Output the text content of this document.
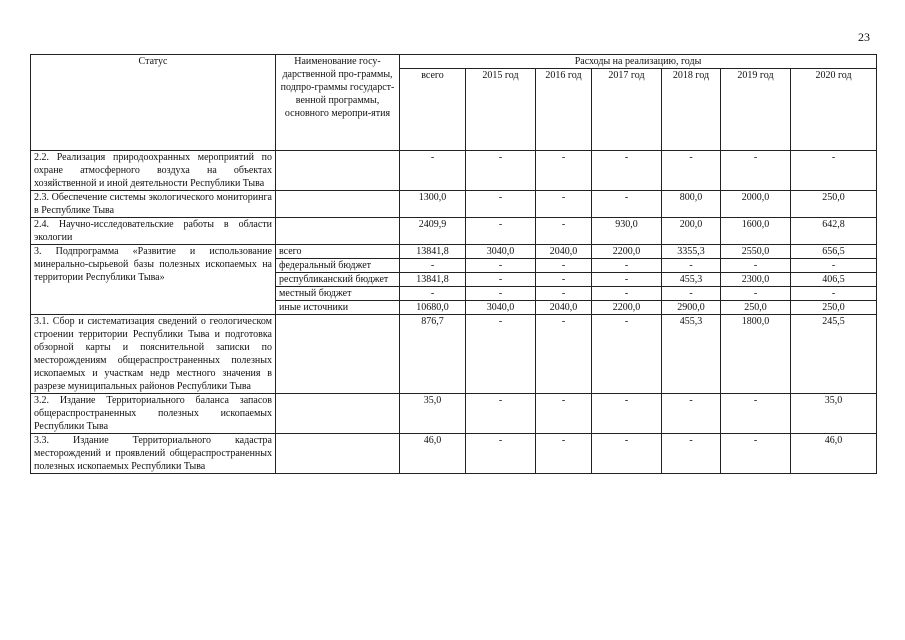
23
Статус	Наименование госу-дарственной про-граммы, подпро-граммы государст-венной программы, основного меропри-ятия	Расходы на реализацию, годы						
		всего	2015 год	2016 год	2017 год	2018 год	2019 год	2020 год
2.2. Реализация природоохранных мероприятий по охране атмосферного воздуха на объектах хозяйственной и иной деятельности Республики Тыва		-	-	-	-	-	-	-
2.3. Обеспечение системы экологического мониторинга в Республике Тыва		1300,0	-	-	-	800,0	2000,0	250,0
2.4. Научно-исследовательские работы в области экологии		2409,9	-	-	930,0	200,0	1600,0	642,8
3. Подпрограмма «Развитие и использование минерально-сырьевой базы полезных ископаемых на территории Республики Тыва»	всего	13841,8	3040,0	2040,0	2200,0	3355,3	2550,0	656,5
	федеральный бюджет	-	-	-	-	-	-	-
	республиканский бюджет	13841,8	-	-	-	455,3	2300,0	406,5
	местный бюджет	-	-	-	-	-	-	-
	иные источники	10680,0	3040,0	2040,0	2200,0	2900,0	250,0	250,0
3.1. Сбор и систематизация сведений о геологическом строении территории Республики Тыва и подготовка обзорной карты и пояснительной записки по месторождениям общераспространенных полезных ископаемых и участкам недр местного значения в разрезе муниципальных районов Республики Тыва		876,7	-	-	-	455,3	1800,0	245,5
3.2. Издание Территориального баланса запасов общераспространенных полезных ископаемых Республики Тыва		35,0	-	-	-	-	-	35,0
3.3. Издание Территориального кадастра месторождений и проявлений общераспространенных полезных ископаемых Республики Тыва		46,0	-	-	-	-	-	46,0
